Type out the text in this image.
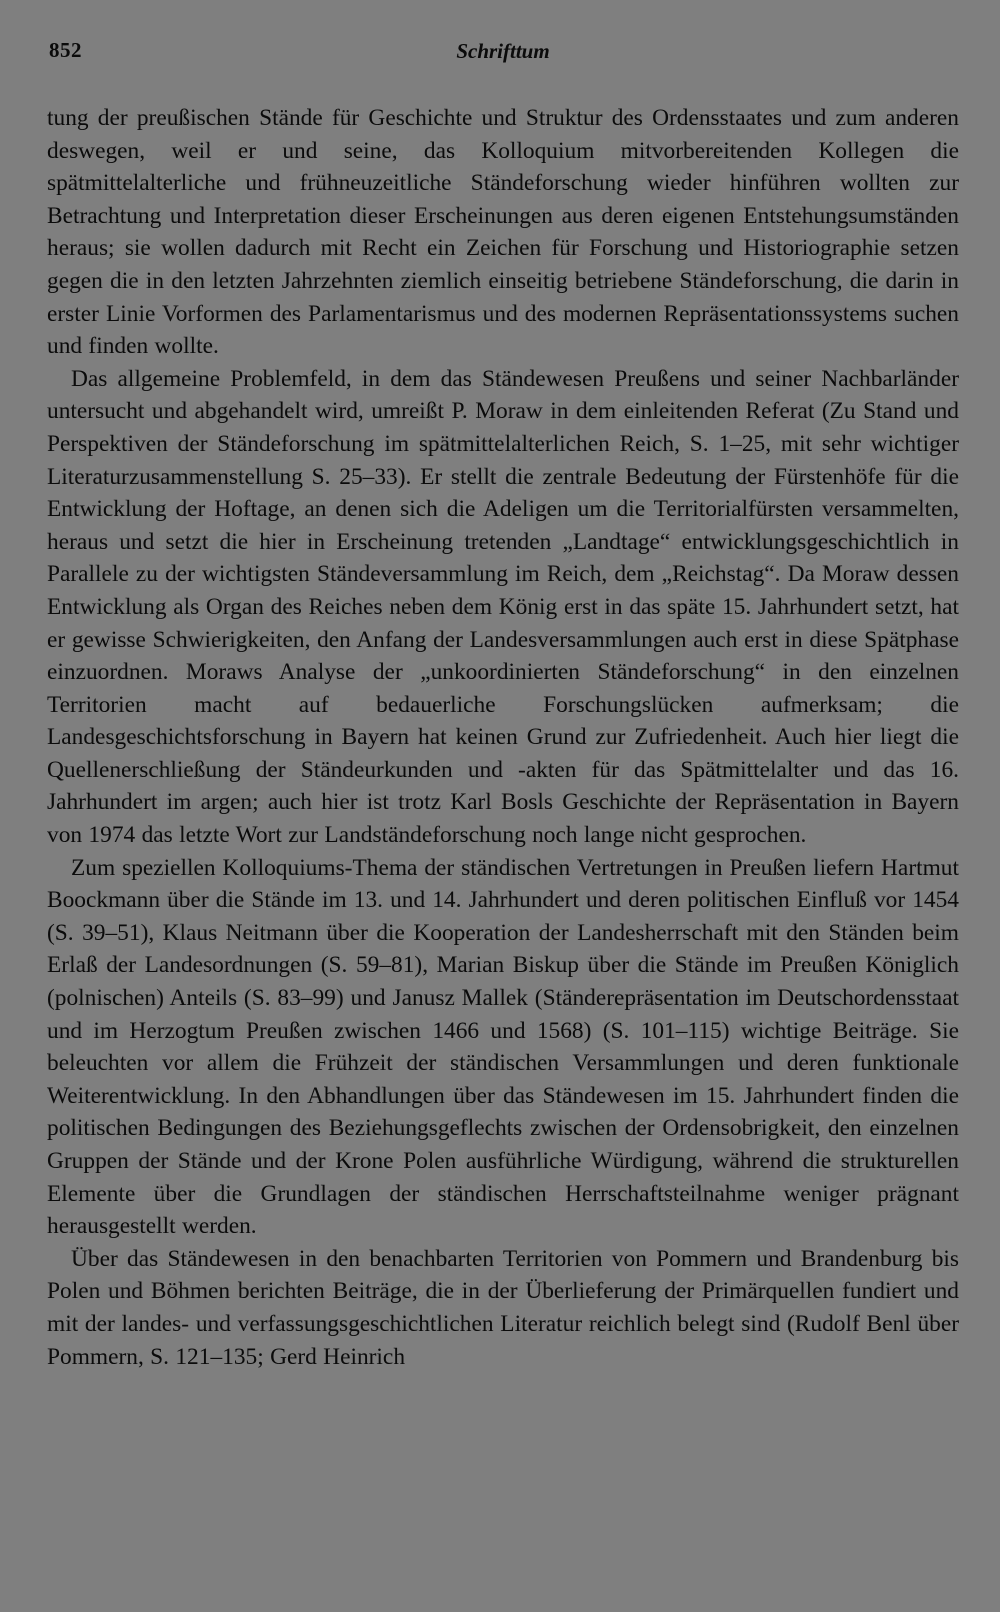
852	Schrifttum

tung der preußischen Stände für Geschichte und Struktur des Ordensstaates und zum anderen deswegen, weil er und seine, das Kolloquium mitvorbereitenden Kollegen die spätmittelalterliche und frühneuzeitliche Ständeforschung wieder hinführen wollten zur Betrachtung und Interpretation dieser Erscheinungen aus deren eigenen Entstehungsumständen heraus; sie wollen dadurch mit Recht ein Zeichen für Forschung und Historiographie setzen gegen die in den letzten Jahrzehnten ziemlich einseitig betriebene Ständeforschung, die darin in erster Linie Vorformen des Parlamentarismus und des modernen Repräsentationssystems suchen und finden wollte.

Das allgemeine Problemfeld, in dem das Ständewesen Preußens und seiner Nachbarländer untersucht und abgehandelt wird, umreißt P. Moraw in dem einleitenden Referat (Zu Stand und Perspektiven der Ständeforschung im spätmittelalterlichen Reich, S. 1–25, mit sehr wichtiger Literaturzusammenstellung S. 25–33). Er stellt die zentrale Bedeutung der Fürstenhöfe für die Entwicklung der Hoftage, an denen sich die Adeligen um die Territorialfürsten versammelten, heraus und setzt die hier in Erscheinung tretenden „Landtage“ entwicklungsgeschichtlich in Parallele zu der wichtigsten Ständeversammlung im Reich, dem „Reichstag“. Da Moraw dessen Entwicklung als Organ des Reiches neben dem König erst in das späte 15. Jahrhundert setzt, hat er gewisse Schwierigkeiten, den Anfang der Landesversammlungen auch erst in diese Spätphase einzuordnen. Moraws Analyse der „unkoordinierten Ständeforschung“ in den einzelnen Territorien macht auf bedauerliche Forschungslücken aufmerksam; die Landesgeschichtsforschung in Bayern hat keinen Grund zur Zufriedenheit. Auch hier liegt die Quellenerschließung der Ständeurkunden und -akten für das Spätmittelalter und das 16. Jahrhundert im argen; auch hier ist trotz Karl Bosls Geschichte der Repräsentation in Bayern von 1974 das letzte Wort zur Landständeforschung noch lange nicht gesprochen.

Zum speziellen Kolloquiums-Thema der ständischen Vertretungen in Preußen liefern Hartmut Boockmann über die Stände im 13. und 14. Jahrhundert und deren politischen Einfluß vor 1454 (S. 39–51), Klaus Neitmann über die Kooperation der Landesherrschaft mit den Ständen beim Erlaß der Landesordnungen (S. 59–81), Marian Biskup über die Stände im Preußen Königlich (polnischen) Anteils (S. 83–99) und Janusz Mallek (Ständerepräsentation im Deutschordensstaat und im Herzogtum Preußen zwischen 1466 und 1568) (S. 101–115) wichtige Beiträge. Sie beleuchten vor allem die Frühzeit der ständischen Versammlungen und deren funktionale Weiterentwicklung. In den Abhandlungen über das Ständewesen im 15. Jahrhundert finden die politischen Bedingungen des Beziehungsgeflechts zwischen der Ordensobrigkeit, den einzelnen Gruppen der Stände und der Krone Polen ausführliche Würdigung, während die strukturellen Elemente über die Grundlagen der ständischen Herrschaftsteilnahme weniger prägnant herausgestellt werden.

Über das Ständewesen in den benachbarten Territorien von Pommern und Brandenburg bis Polen und Böhmen berichten Beiträge, die in der Überlieferung der Primärquellen fundiert und mit der landes- und verfassungsgeschichtlichen Literatur reichlich belegt sind (Rudolf Benl über Pommern, S. 121–135; Gerd Heinrich
